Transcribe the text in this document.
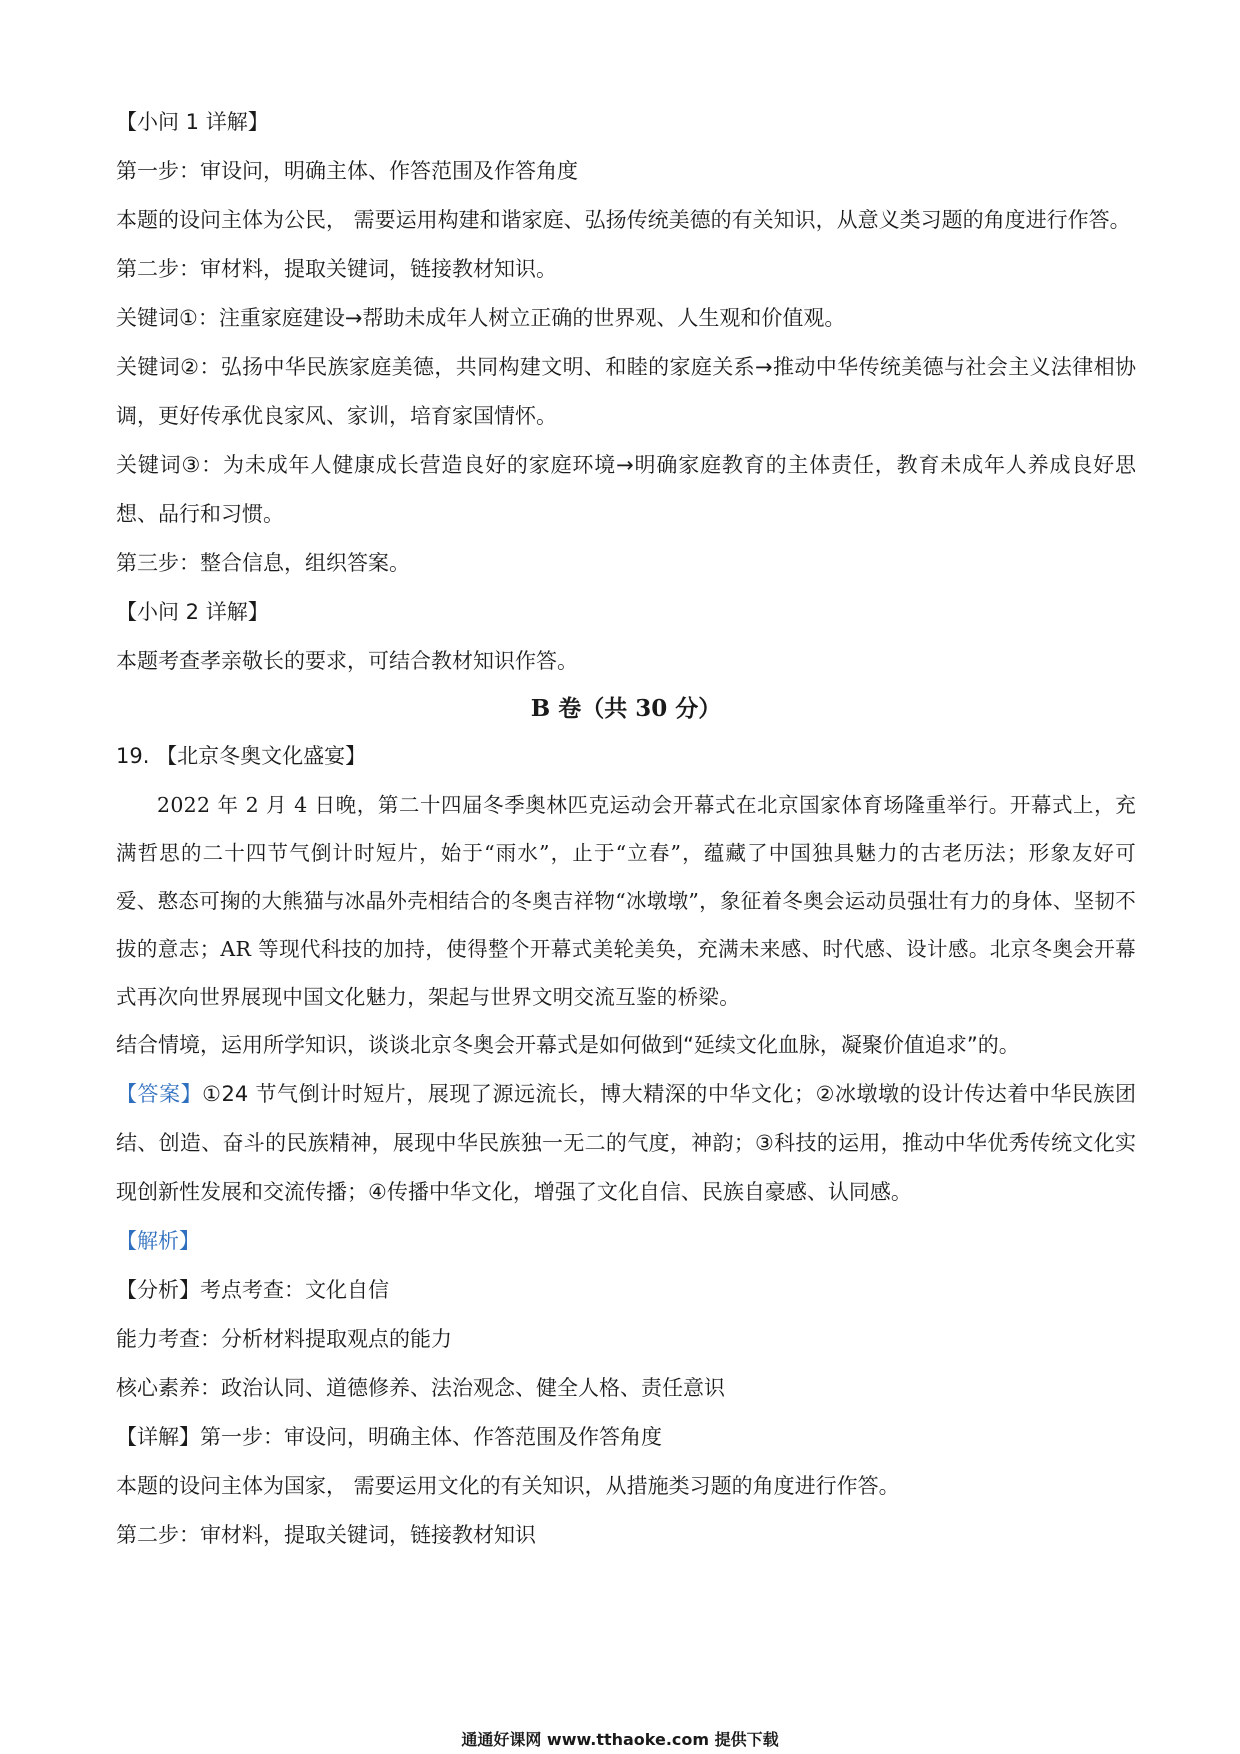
【小问 1 详解】

第一步：审设问，明确主体、作答范围及作答角度

本题的设问主体为公民， 需要运用构建和谐家庭、弘扬传统美德的有关知识，从意义类习题的角度进行作答。

第二步：审材料，提取关键词，链接教材知识。

关键词①：注重家庭建设→帮助未成年人树立正确的世界观、人生观和价值观。

关键词②：弘扬中华民族家庭美德，共同构建文明、和睦的家庭关系→推动中华传统美德与社会主义法律相协调，更好传承优良家风、家训，培育家国情怀。

关键词③：为未成年人健康成长营造良好的家庭环境→明确家庭教育的主体责任，教育未成年人养成良好思想、品行和习惯。

第三步：整合信息，组织答案。

【小问 2 详解】

本题考查孝亲敬长的要求，可结合教材知识作答。

B 卷（共 30 分）

19. 【北京冬奥文化盛宴】

2022 年 2 月 4 日晚，第二十四届冬季奥林匹克运动会开幕式在北京国家体育场隆重举行。开幕式上，充满哲思的二十四节气倒计时短片，始于“雨水”，止于“立春”，蕴藏了中国独具魅力的古老历法；形象友好可爱、憨态可掬的大熊猫与冰晶外壳相结合的冬奥吉祥物“冰墩墩”，象征着冬奥会运动员强壮有力的身体、坚韧不拔的意志；AR 等现代科技的加持，使得整个开幕式美轮美奂，充满未来感、时代感、设计感。北京冬奥会开幕式再次向世界展现中国文化魅力，架起与世界文明交流互鉴的桥梁。

结合情境，运用所学知识，谈谈北京冬奥会开幕式是如何做到“延续文化血脉，凝聚价值追求”的。

【答案】①24 节气倒计时短片，展现了源远流长，博大精深的中华文化；②冰墩墩的设计传达着中华民族团结、创造、奋斗的民族精神，展现中华民族独一无二的气度，神韵；③科技的运用，推动中华优秀传统文化实现创新性发展和交流传播；④传播中华文化，增强了文化自信、民族自豪感、认同感。

【解析】

【分析】考点考查：文化自信

能力考查：分析材料提取观点的能力

核心素养：政治认同、道德修养、法治观念、健全人格、责任意识

【详解】第一步：审设问，明确主体、作答范围及作答角度

本题的设问主体为国家， 需要运用文化的有关知识，从措施类习题的角度进行作答。

第二步：审材料，提取关键词，链接教材知识

通通好课网 www.tthaoke.com 提供下载
